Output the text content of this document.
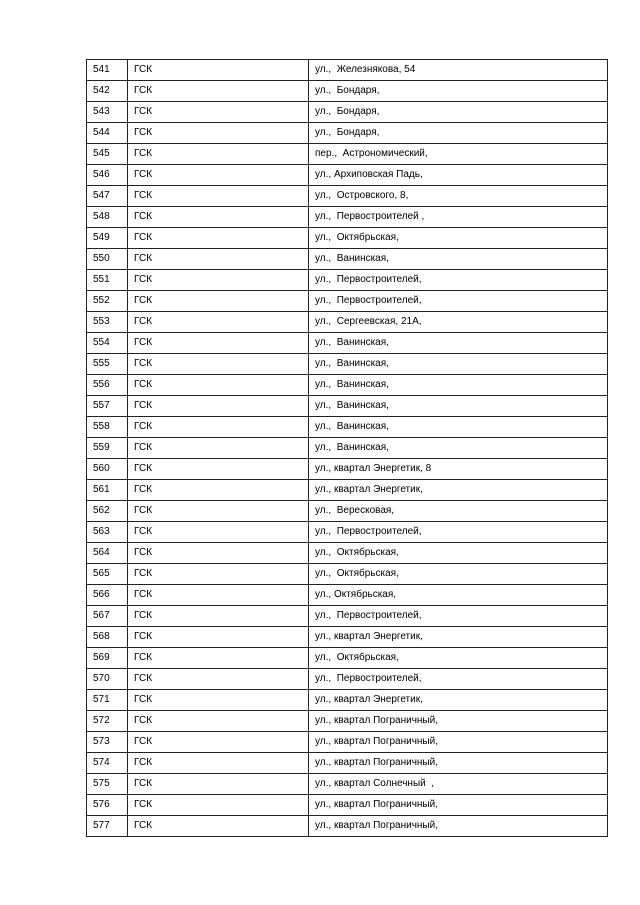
541	ГСК	ул.,  Железнякова, 54
542	ГСК	ул.,  Бондаря,
543	ГСК	ул.,  Бондаря,
544	ГСК	ул.,  Бондаря,
545	ГСК	пер.,  Астрономический,
546	ГСК	ул., Архиповская Падь,
547	ГСК	ул.,  Островского, 8,
548	ГСК	ул.,  Первостроителей ,
549	ГСК	ул.,  Октябрьская,
550	ГСК	ул.,  Ванинская,
551	ГСК	ул.,  Первостроителей,
552	ГСК	ул.,  Первостроителей,
553	ГСК	ул.,  Сергеевская, 21А,
554	ГСК	ул.,  Ванинская,
555	ГСК	ул.,  Ванинская,
556	ГСК	ул.,  Ванинская,
557	ГСК	ул.,  Ванинская,
558	ГСК	ул.,  Ванинская,
559	ГСК	ул.,  Ванинская,
560	ГСК	ул., квартал Энергетик, 8
561	ГСК	ул., квартал Энергетик,
562	ГСК	ул.,  Вересковая,
563	ГСК	ул.,  Первостроителей,
564	ГСК	ул.,  Октябрьская,
565	ГСК	ул.,  Октябрьская,
566	ГСК	ул., Октябрьская,
567	ГСК	ул.,  Первостроителей,
568	ГСК	ул., квартал Энергетик,
569	ГСК	ул.,  Октябрьская,
570	ГСК	ул.,  Первостроителей,
571	ГСК	ул., квартал Энергетик,
572	ГСК	ул., квартал Пограничный,
573	ГСК	ул., квартал Пограничный,
574	ГСК	ул., квартал Пограничный,
575	ГСК	ул., квартал Солнечный  ,
576	ГСК	ул., квартал Пограничный,
577	ГСК	ул., квартал Пограничный,
